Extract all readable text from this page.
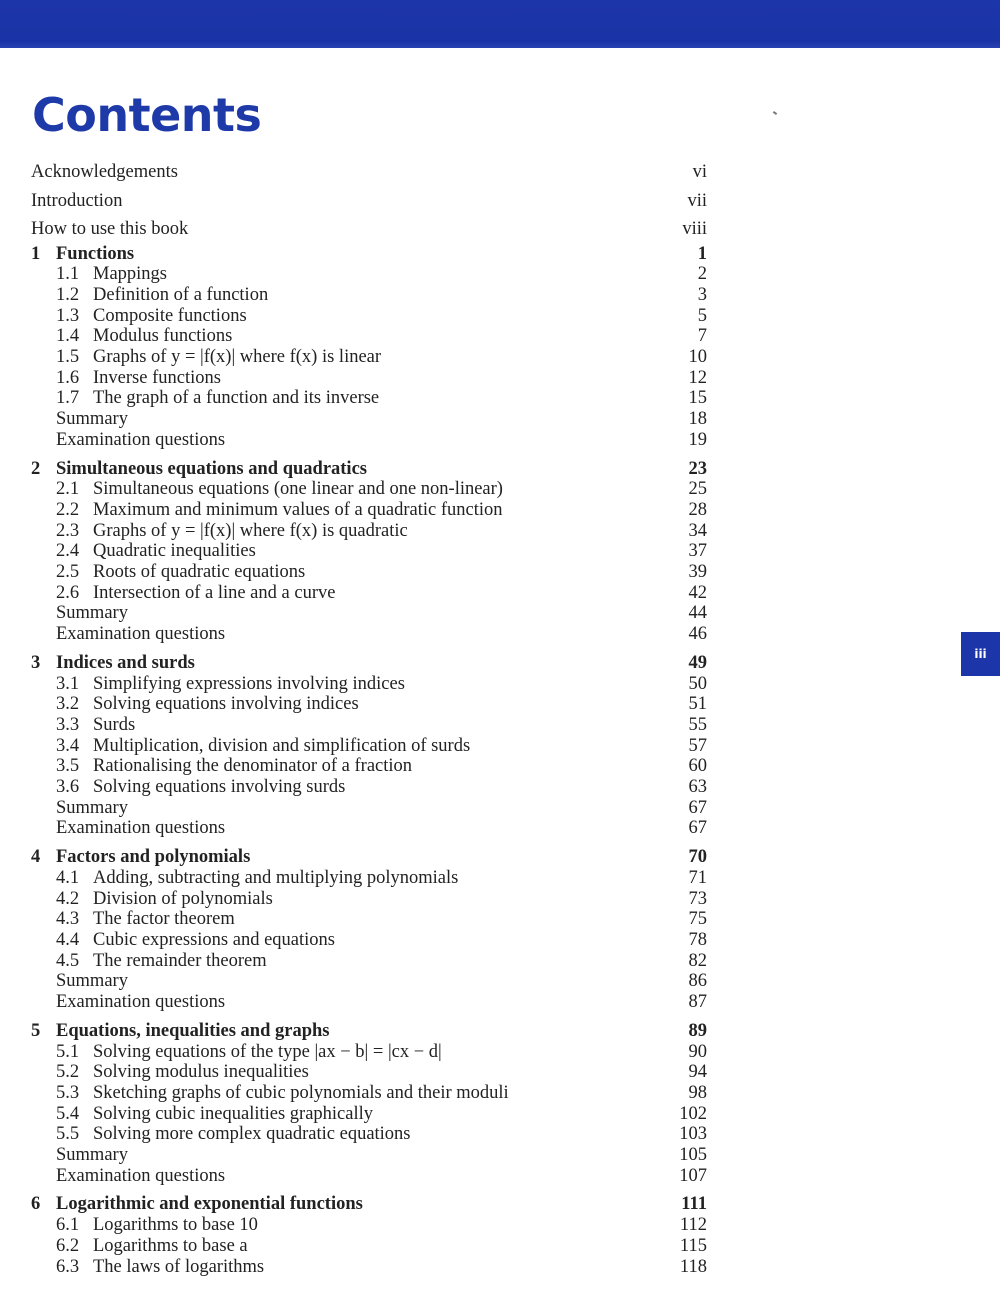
Contents
iii
Acknowledgements	vi
Introduction	vii
How to use this book	viii
1 Functions	1
1.1 Mappings	2
1.2 Definition of a function	3
1.3 Composite functions	5
1.4 Modulus functions	7
1.5 Graphs of y = |f(x)| where f(x) is linear	10
1.6 Inverse functions	12
1.7 The graph of a function and its inverse	15
Summary	18
Examination questions	19
2 Simultaneous equations and quadratics	23
2.1 Simultaneous equations (one linear and one non-linear)	25
2.2 Maximum and minimum values of a quadratic function	28
2.3 Graphs of y = |f(x)| where f(x) is quadratic	34
2.4 Quadratic inequalities	37
2.5 Roots of quadratic equations	39
2.6 Intersection of a line and a curve	42
Summary	44
Examination questions	46
3 Indices and surds	49
3.1 Simplifying expressions involving indices	50
3.2 Solving equations involving indices	51
3.3 Surds	55
3.4 Multiplication, division and simplification of surds	57
3.5 Rationalising the denominator of a fraction	60
3.6 Solving equations involving surds	63
Summary	67
Examination questions	67
4 Factors and polynomials	70
4.1 Adding, subtracting and multiplying polynomials	71
4.2 Division of polynomials	73
4.3 The factor theorem	75
4.4 Cubic expressions and equations	78
4.5 The remainder theorem	82
Summary	86
Examination questions	87
5 Equations, inequalities and graphs	89
5.1 Solving equations of the type |ax − b| = |cx − d|	90
5.2 Solving modulus inequalities	94
5.3 Sketching graphs of cubic polynomials and their moduli	98
5.4 Solving cubic inequalities graphically	102
5.5 Solving more complex quadratic equations	103
Summary	105
Examination questions	107
6 Logarithmic and exponential functions	111
6.1 Logarithms to base 10	112
6.2 Logarithms to base a	115
6.3 The laws of logarithms	118
